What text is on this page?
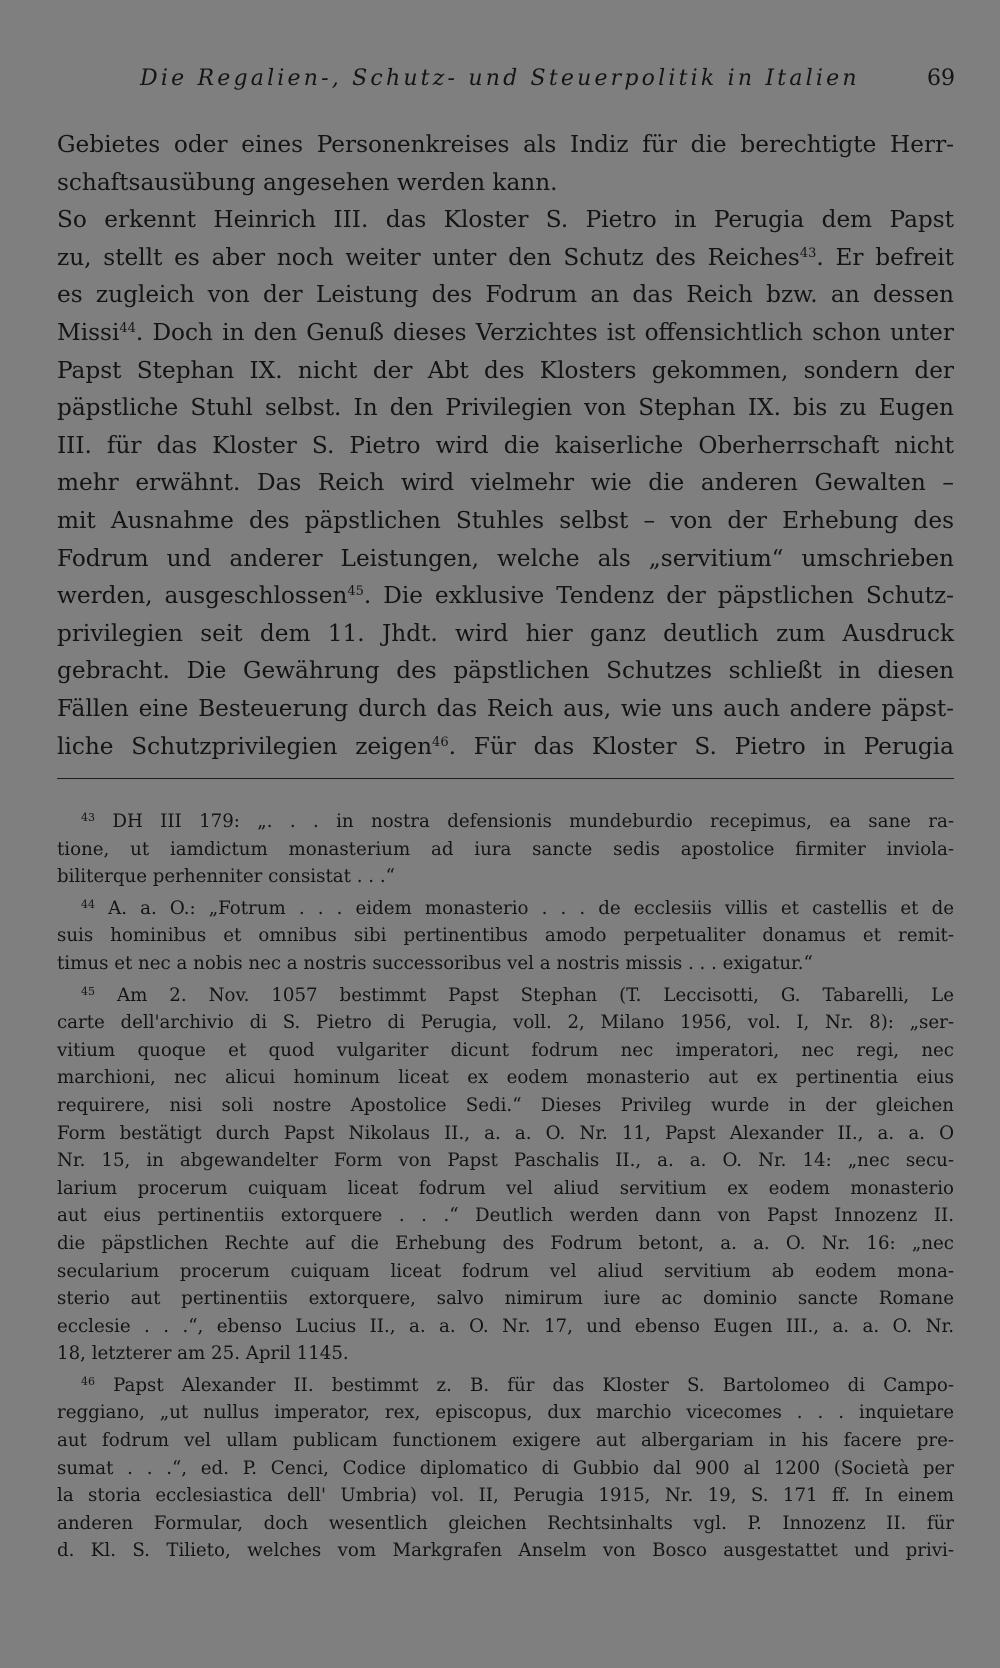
Die Regalien-, Schutz- und Steuerpolitik in Italien	69
Gebietes oder eines Personenkreises als Indiz für die berechtigte Herr-
schaftsausübung angesehen werden kann.
So erkennt Heinrich III. das Kloster S. Pietro in Perugia dem Papst
zu, stellt es aber noch weiter unter den Schutz des Reiches$^{43}$. Er befreit
es zugleich von der Leistung des Fodrum an das Reich bzw. an dessen
Missi$^{44}$. Doch in den Genuß dieses Verzichtes ist offensichtlich schon unter
Papst Stephan IX. nicht der Abt des Klosters gekommen, sondern der
päpstliche Stuhl selbst. In den Privilegien von Stephan IX. bis zu Eugen
III. für das Kloster S. Pietro wird die kaiserliche Oberherrschaft nicht
mehr erwähnt. Das Reich wird vielmehr wie die anderen Gewalten –
mit Ausnahme des päpstlichen Stuhles selbst – von der Erhebung des
Fodrum und anderer Leistungen, welche als „servitium“ umschrieben
werden, ausgeschlossen$^{45}$. Die exklusive Tendenz der päpstlichen Schutz-
privilegien seit dem 11. Jhdt. wird hier ganz deutlich zum Ausdruck
gebracht. Die Gewährung des päpstlichen Schutzes schließt in diesen
Fällen eine Besteuerung durch das Reich aus, wie uns auch andere päpst-
liche Schutzprivilegien zeigen$^{46}$. Für das Kloster S. Pietro in Perugia
$^{43}$ DH III 179: „. . . in nostra defensionis mundeburdio recepimus, ea sane ra-
tione, ut iamdictum monasterium ad iura sancte sedis apostolice firmiter inviola-
biliterque perhenniter consistat . . .“
$^{44}$ A. a. O.: „Fotrum . . . eidem monasterio . . . de ecclesiis villis et castellis et de
suis hominibus et omnibus sibi pertinentibus amodo perpetualiter donamus et remit-
timus et nec a nobis nec a nostris successoribus vel a nostris missis . . . exigatur.“
$^{45}$ Am 2. Nov. 1057 bestimmt Papst Stephan (T. Leccisotti, G. Tabarelli, Le
carte dell'archivio di S. Pietro di Perugia, voll. 2, Milano 1956, vol. I, Nr. 8): „ser-
vitium quoque et quod vulgariter dicunt fodrum nec imperatori, nec regi, nec
marchioni, nec alicui hominum liceat ex eodem monasterio aut ex pertinentia eius
requirere, nisi soli nostre Apostolice Sedi.“ Dieses Privileg wurde in der gleichen
Form bestätigt durch Papst Nikolaus II., a. a. O. Nr. 11, Papst Alexander II., a. a. O
Nr. 15, in abgewandelter Form von Papst Paschalis II., a. a. O. Nr. 14: „nec secu-
larium procerum cuiquam liceat fodrum vel aliud servitium ex eodem monasterio
aut eius pertinentiis extorquere . . .“ Deutlich werden dann von Papst Innozenz II.
die päpstlichen Rechte auf die Erhebung des Fodrum betont, a. a. O. Nr. 16: „nec
secularium procerum cuiquam liceat fodrum vel aliud servitium ab eodem mona-
sterio aut pertinentiis extorquere, salvo nimirum iure ac dominio sancte Romane
ecclesie . . .“, ebenso Lucius II., a. a. O. Nr. 17, und ebenso Eugen III., a. a. O. Nr.
18, letzterer am 25. April 1145.
$^{46}$ Papst Alexander II. bestimmt z. B. für das Kloster S. Bartolomeo di Campo-
reggiano, „ut nullus imperator, rex, episcopus, dux marchio vicecomes . . . inquietare
aut fodrum vel ullam publicam functionem exigere aut albergariam in his facere pre-
sumat . . .“, ed. P. Cenci, Codice diplomatico di Gubbio dal 900 al 1200 (Società per
la storia ecclesiastica dell' Umbria) vol. II, Perugia 1915, Nr. 19, S. 171 ff. In einem
anderen Formular, doch wesentlich gleichen Rechtsinhalts vgl. P. Innozenz II. für
d. Kl. S. Tilieto, welches vom Markgrafen Anselm von Bosco ausgestattet und privi-
